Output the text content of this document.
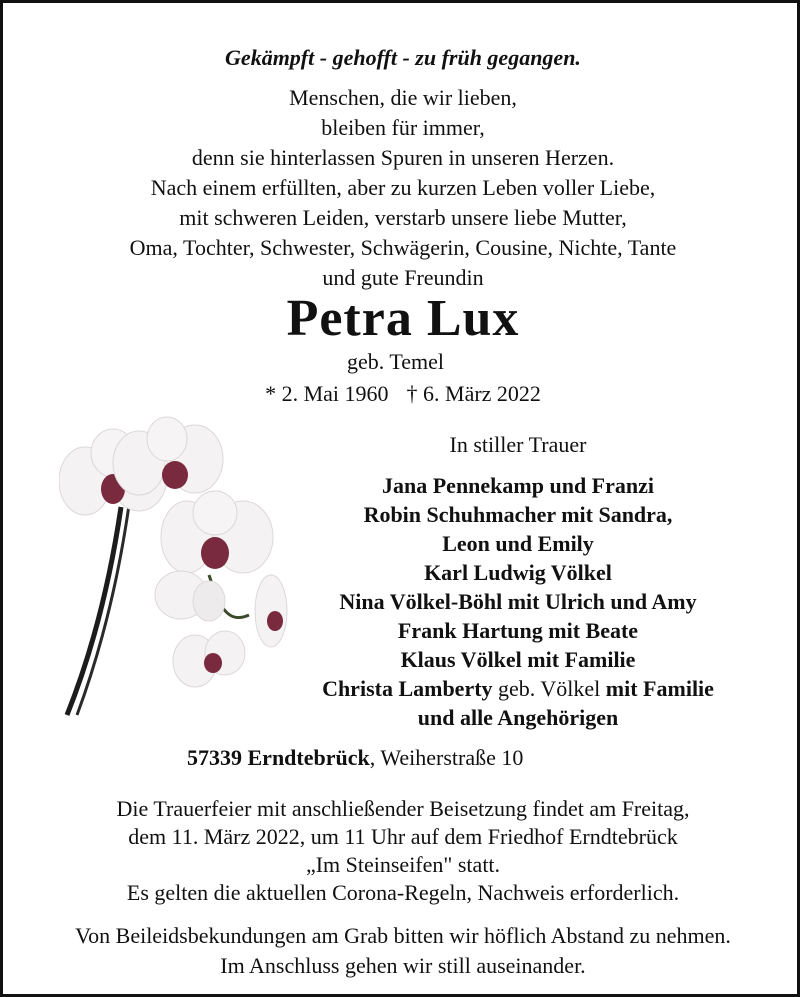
Gekämpft - gehofft - zu früh gegangen.
Menschen, die wir lieben,
bleiben für immer,
denn sie hinterlassen Spuren in unseren Herzen.
Nach einem erfüllten, aber zu kurzen Leben voller Liebe,
mit schweren Leiden, verstarb unsere liebe Mutter,
Oma, Tochter, Schwester, Schwägerin, Cousine, Nichte, Tante
und gute Freundin
Petra Lux
geb. Temel
* 2. Mai 1960 † 6. März 2022
In stiller Trauer
Jana Pennekamp und Franzi
Robin Schuhmacher mit Sandra,
Leon und Emily
Karl Ludwig Völkel
Nina Völkel-Böhl mit Ulrich und Amy
Frank Hartung mit Beate
Klaus Völkel mit Familie
Christa Lamberty geb. Völkel mit Familie
und alle Angehörigen
57339 Erndtebrück, Weiherstraße 10
Die Trauerfeier mit anschließender Beisetzung findet am Freitag,
dem 11. März 2022, um 11 Uhr auf dem Friedhof Erndtebrück
„Im Steinseifen" statt.
Es gelten die aktuellen Corona-Regeln, Nachweis erforderlich.
Von Beileidsbekundungen am Grab bitten wir höflich Abstand zu nehmen.
Im Anschluss gehen wir still auseinander.
